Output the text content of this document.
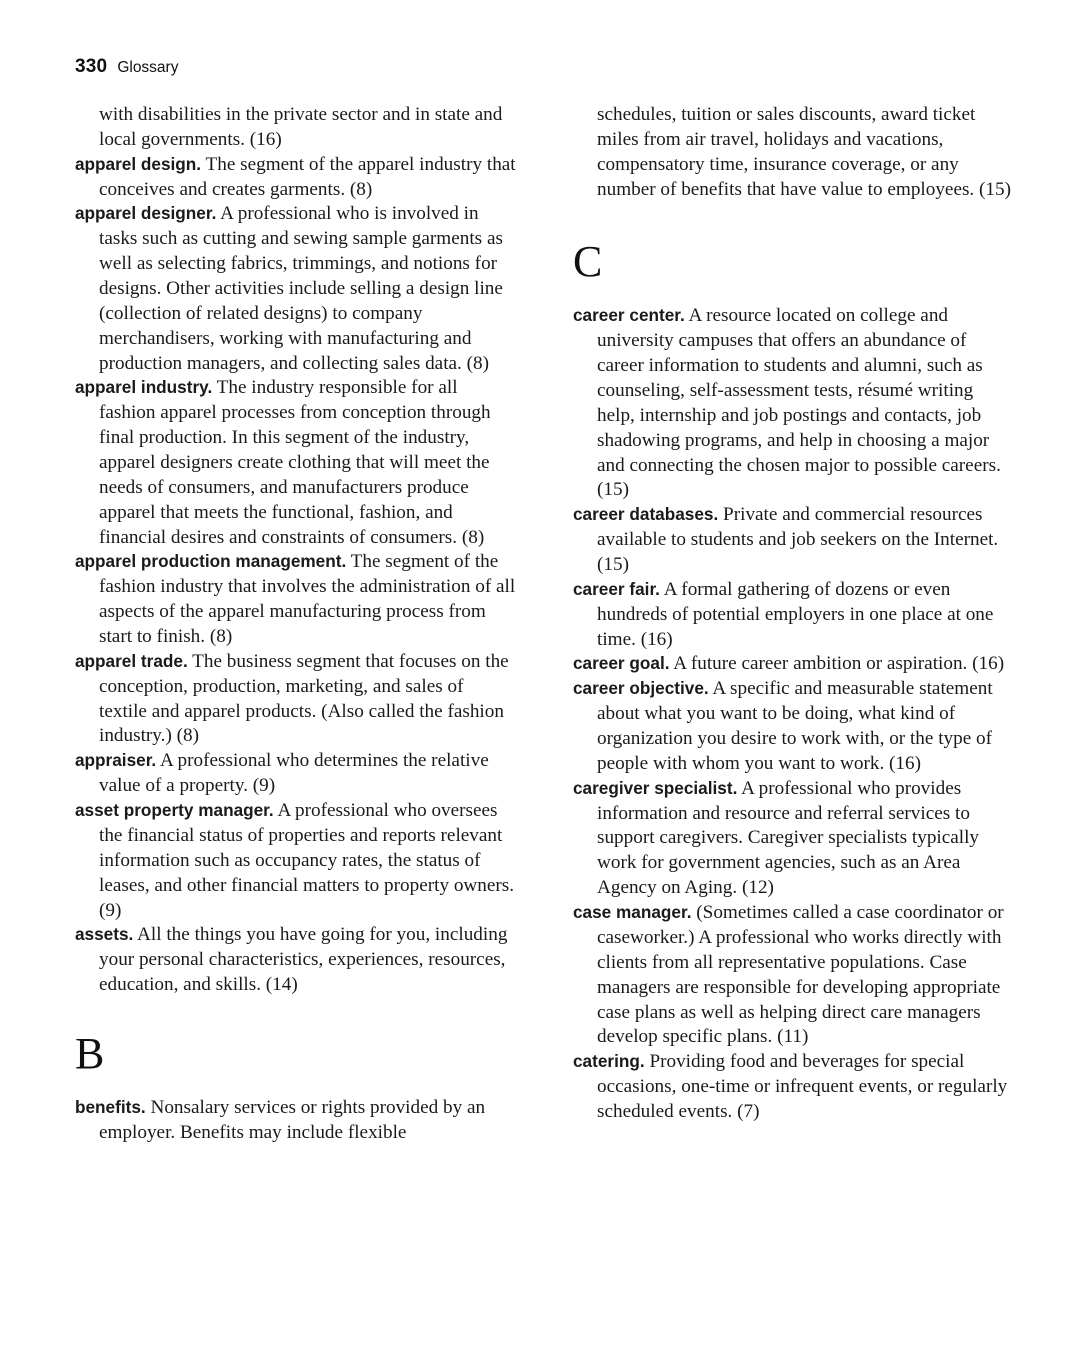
330 Glossary

with disabilities in the private sector and in state and local governments. (16)

apparel design. The segment of the apparel industry that conceives and creates garments. (8)

apparel designer. A professional who is involved in tasks such as cutting and sewing sample garments as well as selecting fabrics, trimmings, and notions for designs. Other activities include selling a design line (collection of related designs) to company merchandisers, working with manufacturing and production managers, and collecting sales data. (8)

apparel industry. The industry responsible for all fashion apparel processes from conception through final production. In this segment of the industry, apparel designers create clothing that will meet the needs of consumers, and manufacturers produce apparel that meets the functional, fashion, and financial desires and constraints of consumers. (8)

apparel production management. The segment of the fashion industry that involves the administration of all aspects of the apparel manufacturing process from start to finish. (8)

apparel trade. The business segment that focuses on the conception, production, marketing, and sales of textile and apparel products. (Also called the fashion industry.) (8)

appraiser. A professional who determines the relative value of a property. (9)

asset property manager. A professional who oversees the financial status of properties and reports relevant information such as occupancy rates, the status of leases, and other financial matters to property owners. (9)

assets. All the things you have going for you, including your personal characteristics, experiences, resources, education, and skills. (14)

B

benefits. Nonsalary services or rights provided by an employer. Benefits may include flexible

schedules, tuition or sales discounts, award ticket miles from air travel, holidays and vacations, compensatory time, insurance coverage, or any number of benefits that have value to employees. (15)

C

career center. A resource located on college and university campuses that offers an abundance of career information to students and alumni, such as counseling, self-assessment tests, résumé writing help, internship and job postings and contacts, job shadowing programs, and help in choosing a major and connecting the chosen major to possible careers. (15)

career databases. Private and commercial resources available to students and job seekers on the Internet. (15)

career fair. A formal gathering of dozens or even hundreds of potential employers in one place at one time. (16)

career goal. A future career ambition or aspiration. (16)

career objective. A specific and measurable statement about what you want to be doing, what kind of organization you desire to work with, or the type of people with whom you want to work. (16)

caregiver specialist. A professional who provides information and resource and referral services to support caregivers. Caregiver specialists typically work for government agencies, such as an Area Agency on Aging. (12)

case manager. (Sometimes called a case coordinator or caseworker.) A professional who works directly with clients from all representative populations. Case managers are responsible for developing appropriate case plans as well as helping direct care managers develop specific plans. (11)

catering. Providing food and beverages for special occasions, one-time or infrequent events, or regularly scheduled events. (7)
